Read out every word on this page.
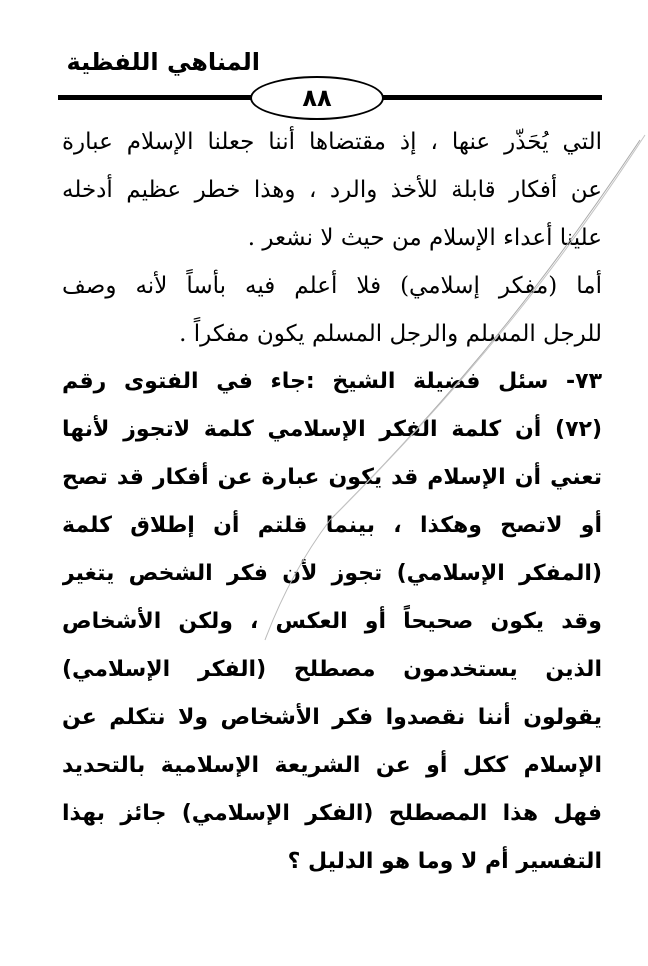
المناهي اللفظية
٨٨
التي يُحَذّر عنها ، إذ مقتضاها أننا جعلنا الإسلام عبارة
عن أفكار قابلة للأخذ والرد ، وهذا خطر عظيم أدخله
علينا أعداء الإسلام من حيث لا نشعر .
أما (مفكر إسلامي) فلا أعلم فيه بأساً لأنه وصف
للرجل المسلم والرجل المسلم يكون مفكراً .
٧٣- سئل فضيلة الشيخ :جاء في الفتوى رقم
(٧٢) أن كلمة الفكر الإسلامي كلمة لاتجوز لأنها
تعني أن الإسلام قد يكون عبارة عن أفكار قد تصح
أو لاتصح وهكذا ، بينما قلتم أن إطلاق كلمة
(المفكر الإسلامي) تجوز لأن فكر الشخص يتغير
وقد يكون صحيحاً أو العكس ، ولكن الأشخاص
الذين يستخدمون مصطلح (الفكر الإسلامي)
يقولون أننا نقصدوا فكر الأشخاص ولا نتكلم عن
الإسلام ككل أو عن الشريعة الإسلامية بالتحديد
فهل هذا المصطلح (الفكر الإسلامي) جائز بهذا
التفسير أم لا وما هو الدليل ؟
